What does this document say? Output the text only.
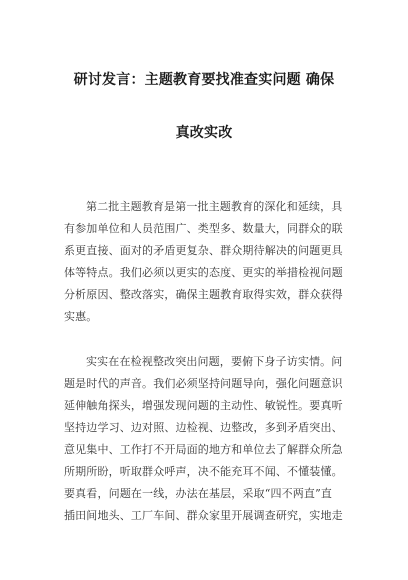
研讨发言：主题教育要找准查实问题 确保
真改实改
第二批主题教育是第一批主题教育的深化和延续，具
有参加单位和人员范围广、类型多、数量大，同群众的联
系更直接、面对的矛盾更复杂、群众期待解决的问题更具
体等特点。我们必须以更实的态度、更实的举措检视问题
分析原因、整改落实，确保主题教育取得实效，群众获得
实惠。
实实在在检视整改突出问题，要俯下身子访实情。问
题是时代的声音。我们必须坚持问题导向，强化问题意识
延伸触角探头，增强发现问题的主动性、敏锐性。要真听
坚持边学习、边对照、边检视、边整改，多到矛盾突出、
意见集中、工作打不开局面的地方和单位去了解群众所急
所期所盼，听取群众呼声，决不能充耳不闻、不懂装懂。
要真看，问题在一线，办法在基层，采取“四不两直”直
插田间地头、工厂车间、群众家里开展调查研究，实地走
